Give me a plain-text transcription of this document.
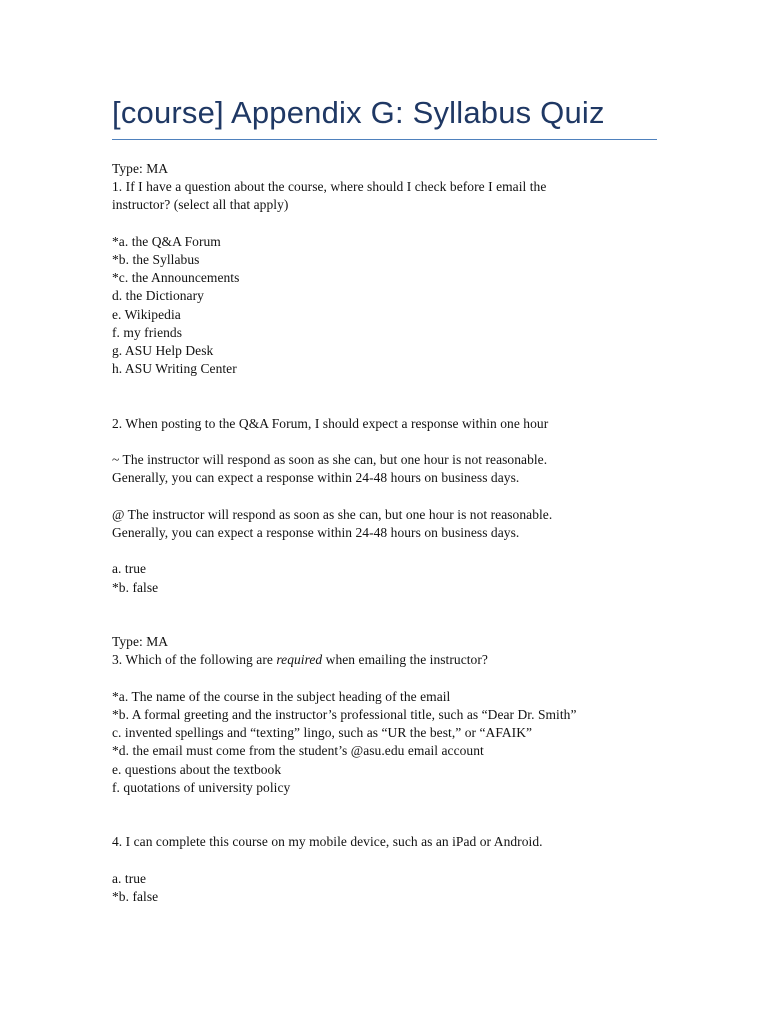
[course] Appendix G: Syllabus Quiz

Type: MA

1. If I have a question about the course, where should I check before I email the

instructor? (select all that apply)

*a. the Q&A Forum

*b. the Syllabus

*c. the Announcements

d. the Dictionary

e. Wikipedia

f. my friends

g. ASU Help Desk

h. ASU Writing Center

2. When posting to the Q&A Forum, I should expect a response within one hour

~ The instructor will respond as soon as she can, but one hour is not reasonable.

Generally, you can expect a response within 24-48 hours on business days.

@ The instructor will respond as soon as she can, but one hour is not reasonable.

Generally, you can expect a response within 24-48 hours on business days.

a. true

*b. false

Type: MA

3. Which of the following are required when emailing the instructor?

*a. The name of the course in the subject heading of the email

*b. A formal greeting and the instructor’s professional title, such as “Dear Dr. Smith”

c. invented spellings and “texting” lingo, such as “UR the best,” or “AFAIK”

*d. the email must come from the student’s @asu.edu email account

e. questions about the textbook

f. quotations of university policy

4. I can complete this course on my mobile device, such as an iPad or Android.

a. true

*b. false
